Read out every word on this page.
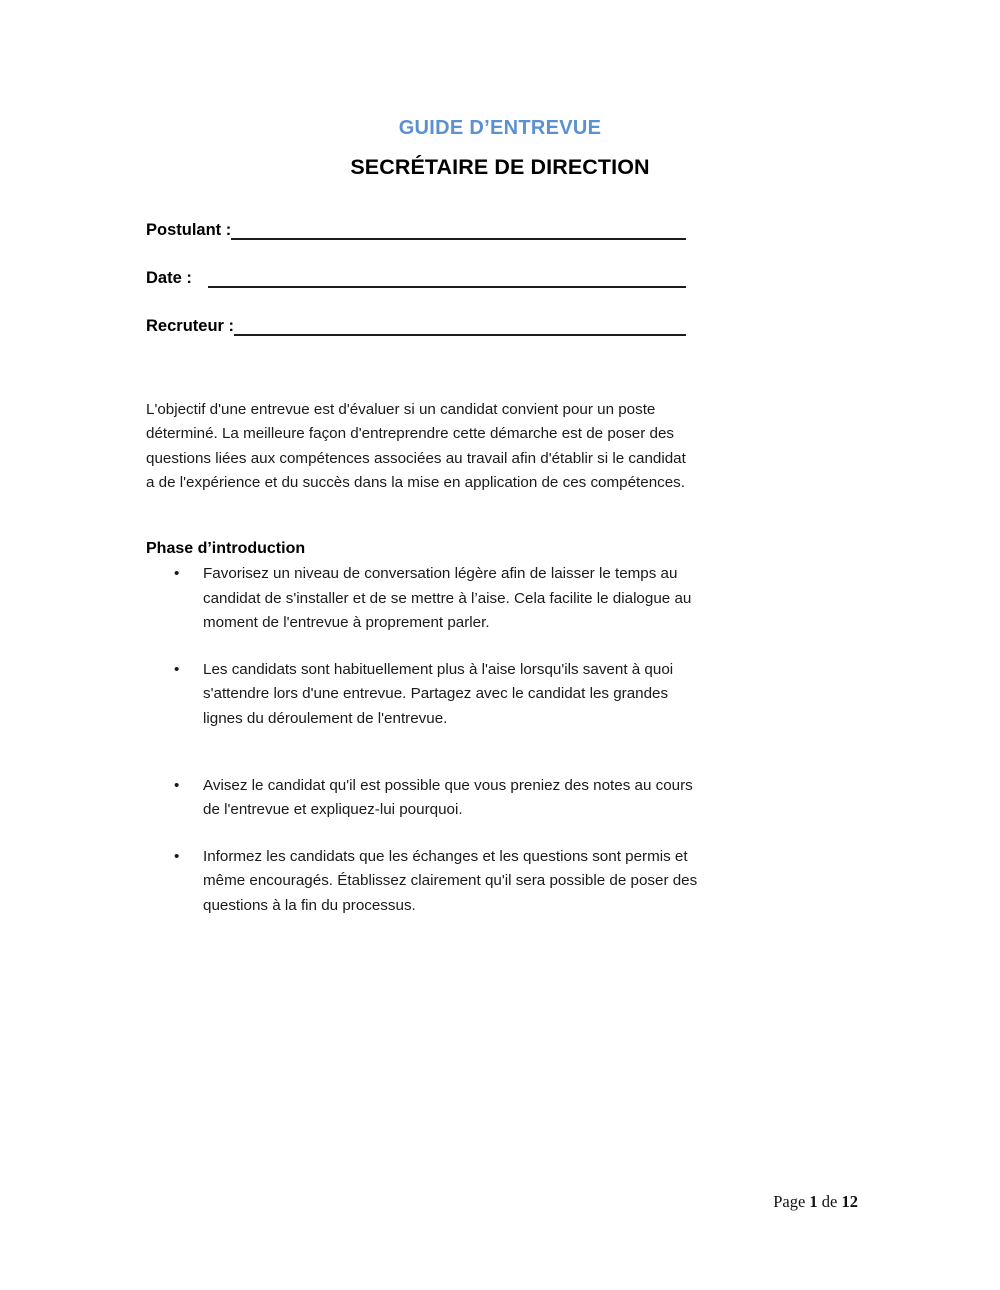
GUIDE D’ENTREVUE
SECRÉTAIRE DE DIRECTION
Postulant :
Date :
Recruteur :

L'objectif d'une entrevue est d'évaluer si un candidat convient pour un poste déterminé. La meilleure façon d'entreprendre cette démarche est de poser des questions liées aux compétences associées au travail afin d'établir si le candidat a de l'expérience et du succès dans la mise en application de ces compétences.

Phase d’introduction
• Favorisez un niveau de conversation légère afin de laisser le temps au candidat de s'installer et de se mettre à l’aise. Cela facilite le dialogue au moment de l'entrevue à proprement parler.
• Les candidats sont habituellement plus à l'aise lorsqu'ils savent à quoi s'attendre lors d'une entrevue. Partagez avec le candidat les grandes lignes du déroulement de l'entrevue.
• Avisez le candidat qu'il est possible que vous preniez des notes au cours de l'entrevue et expliquez-lui pourquoi.
• Informez les candidats que les échanges et les questions sont permis et même encouragés. Établissez clairement qu'il sera possible de poser des questions à la fin du processus.
Page 1 de 12
